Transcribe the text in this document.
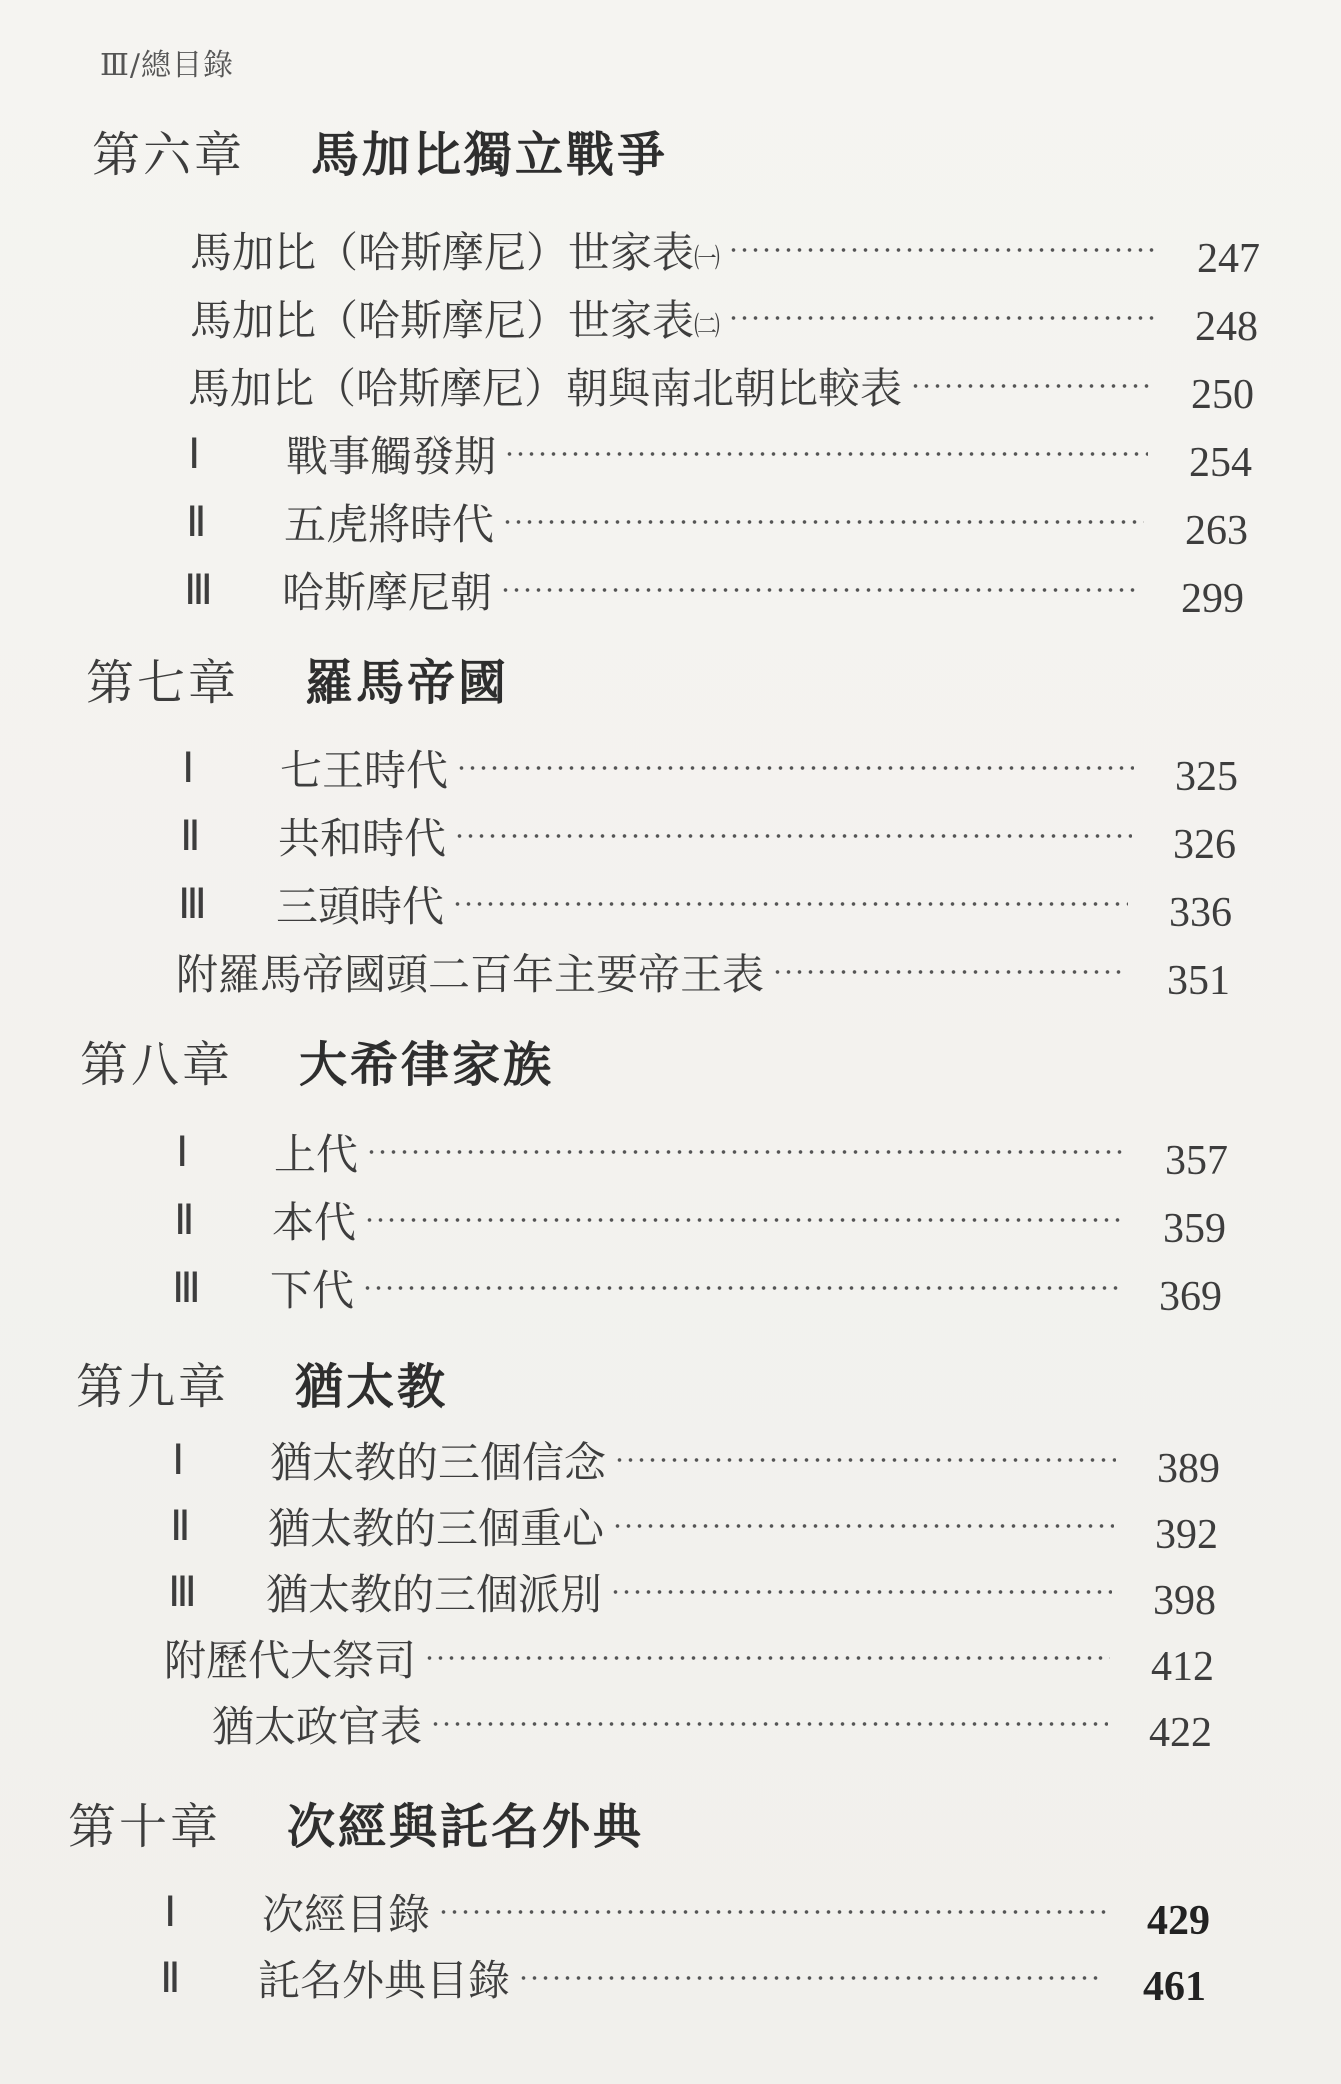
Ⅲ/總目錄
第六章 馬加比獨立戰爭
馬加比（哈斯摩尼）世家表㈠	247
馬加比（哈斯摩尼）世家表㈡	248
馬加比（哈斯摩尼）朝與南北朝比較表	250
Ⅰ	戰事觸發期	254
Ⅱ	五虎將時代	263
Ⅲ	哈斯摩尼朝	299
第七章 羅馬帝國
Ⅰ	七王時代	325
Ⅱ	共和時代	326
Ⅲ	三頭時代	336
附羅馬帝國頭二百年主要帝王表	351
第八章 大希律家族
Ⅰ	上代	357
Ⅱ	本代	359
Ⅲ	下代	369
第九章 猶太教
Ⅰ	猶太教的三個信念	389
Ⅱ	猶太教的三個重心	392
Ⅲ	猶太教的三個派別	398
附歷代大祭司	412
猶太政官表	422
第十章 次經與託名外典
Ⅰ	次經目錄	429
Ⅱ	託名外典目錄	461
